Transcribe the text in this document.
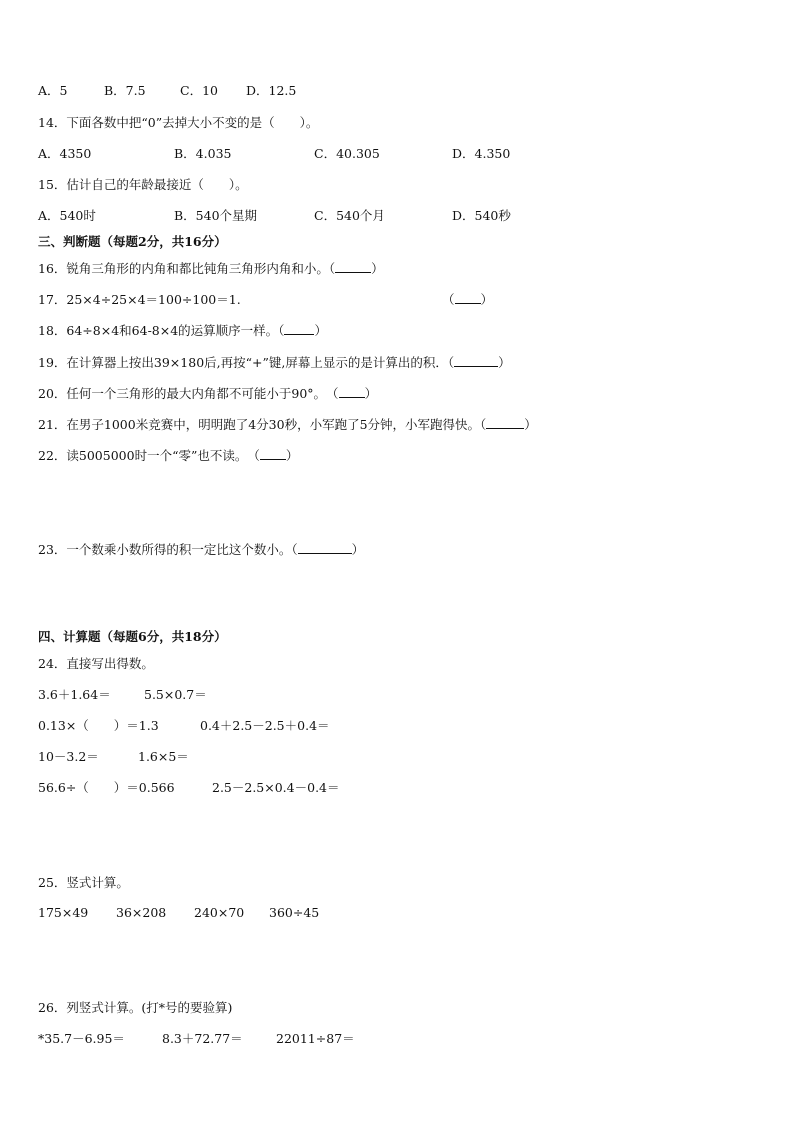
A．5	B．7.5	C．10 D．12.5
14．下面各数中把“0”去掉大小不变的是（　　）。
A．4350	B．4.035	C．40.305	D．4.350
15．估计自己的年龄最接近（　　）。
A．540时	B．540个星期	C．540个月	D．540秒
三、判断题（每题2分，共16分）
16．锐角三角形的内角和都比钝角三角形内角和小。（	）
17．25×4÷25×4＝100÷100＝1.	（ ）
18．64÷8×4和64-8×4的运算顺序一样。（ ）
19．在计算器上按出39×180后,再按“+”键,屏幕上显示的是计算出的积．（	）
20．任何一个三角形的最大内角都不可能小于90°。　（ ）
21．在男子1000米竞赛中，明明跑了4分30秒，小军跑了5分钟，小军跑得快。（	）
22．读5005000时一个“零”也不读。　（ ）
23．一个数乘小数所得的积一定比这个数小。（	）
四、计算题（每题6分，共18分）
24．直接写出得数。
3.6＋1.64＝	5.5×0.7＝
0.13×（　　）＝1.3	0.4＋2.5－2.5＋0.4＝
10－3.2＝	1.6×5＝
56.6÷（　　）＝0.566	2.5－2.5×0.4－0.4＝
25．竖式计算。
175×49 36×208 240×70 360÷45
26．列竖式计算。(打*号的要验算)
*35.7－6.95＝	8.3＋72.77＝	22011÷87＝
